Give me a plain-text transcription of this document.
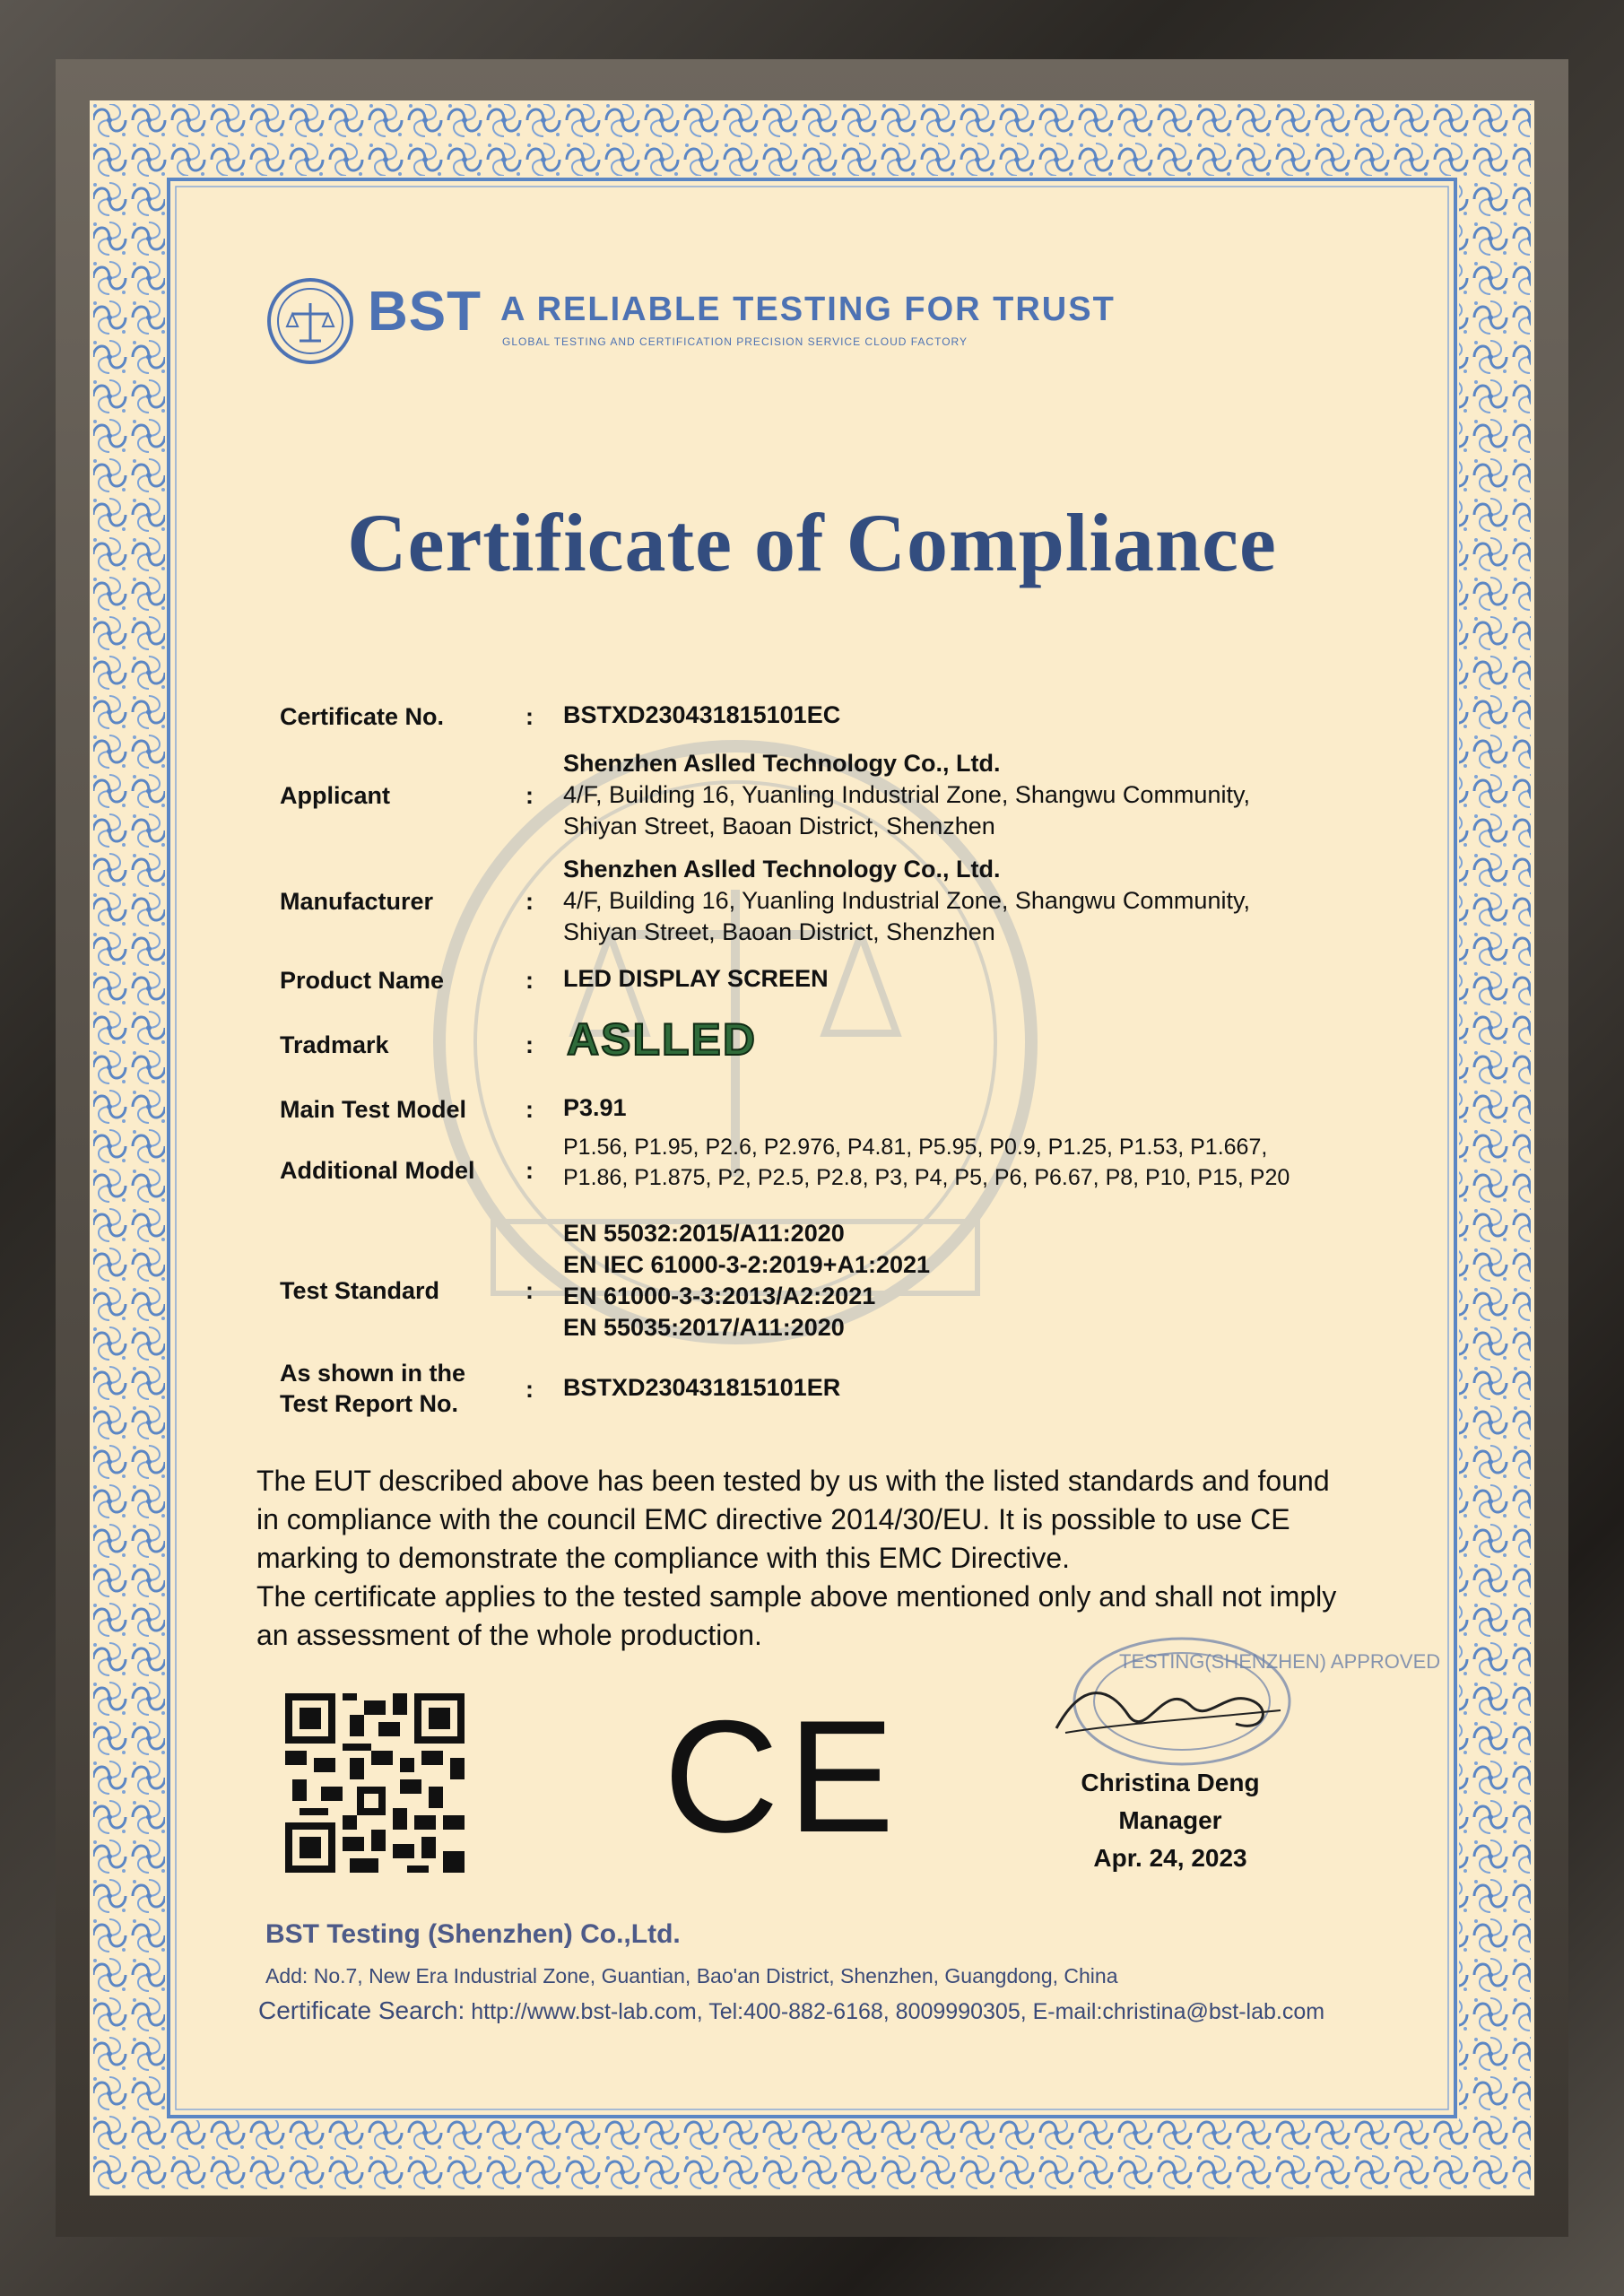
BST A RELIABLE TESTING FOR TRUST
GLOBAL TESTING AND CERTIFICATION PRECISION SERVICE CLOUD FACTORY
Certificate of Compliance
Certificate No.	: BSTXD230431815101EC
Applicant	:
Shenzhen Aslled Technology Co., Ltd.
4/F, Building 16, Yuanling Industrial Zone, Shangwu Community,
Shiyan Street, Baoan District, Shenzhen
Manufacturer	:
Shenzhen Aslled Technology Co., Ltd.
4/F, Building 16, Yuanling Industrial Zone, Shangwu Community,
Shiyan Street, Baoan District, Shenzhen
Product Name	: LED DISPLAY SCREEN
Tradmark	: ASLLED
Main Test Model : P3.91
Additional Model :
P1.56, P1.95, P2.6, P2.976, P4.81, P5.95, P0.9, P1.25, P1.53, P1.667,
P1.86, P1.875, P2, P2.5, P2.8, P3, P4, P5, P6, P6.67, P8, P10, P15, P20
Test Standard	:
EN 55032:2015/A11:2020
EN IEC 61000-3-2:2019+A1:2021
EN 61000-3-3:2013/A2:2021
EN 55035:2017/A11:2020
As shown in the
Test Report No.
: BSTXD230431815101ER

The EUT described above has been tested by us with the listed standards and found

in compliance with the council EMC directive 2014/30/EU. It is possible to use CE

marking to demonstrate the compliance with this EMC Directive.

The certificate applies to the tested sample above mentioned only and shall not imply

an assessment of the whole production.

CE
TESTING(SHENZHEN) APPROVED
Christina Deng
Manager
Apr. 24, 2023
BST Testing (Shenzhen) Co.,Ltd.
Add: No.7, New Era Industrial Zone, Guantian, Bao'an District, Shenzhen, Guangdong, China
Certificate Search: http://www.bst-lab.com, Tel:400-882-6168, 8009990305, E-mail:christina@bst-lab.com
